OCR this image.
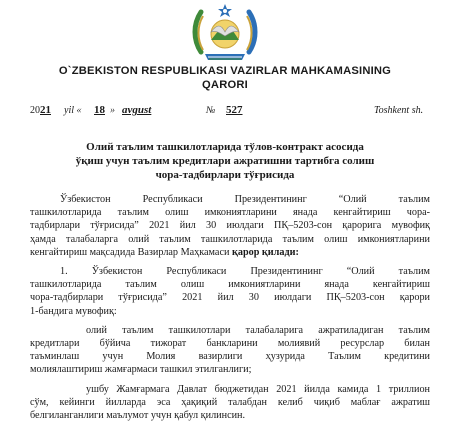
O`ZBEKISTON RESPUBLIKASI VAZIRLAR MAHKAMASINING
QARORI
20 21 yil « 18 » avgust	№ 527	Toshkent sh.
Олий таълим ташкилотларида тўлов-контракт асосида
ўқиш учун таълим кредитлари ажратишни тартибга солиш
чора-тадбирлари тўғрисида
Ўзбекистон Республикаси Президентининг “Олий таълим
ташкилотларида таълим олиш имкониятларини янада кенгайтириш чора-
тадбирлари тўғрисида” 2021 йил 30 июлдаги ПҚ–5203-сон қарорига мувофиқ
ҳамда талабаларга олий таълим ташкилотларида таълим олиш имкониятларини
кенгайтириш мақсадида Вазирлар Маҳкамаси қарор қилади:
1. Ўзбекистон Республикаси Президентининг “Олий таълим
ташкилотларида таълим олиш имкониятларини янада кенгайтириш
чора-тадбирлари тўғрисида” 2021 йил 30 июлдаги ПҚ–5203-сон қарори
1-бандига мувофиқ:
олий таълим ташкилотлари талабаларига ажратиладиган таълим
кредитлари бўйича тижорат банкларини молиявий ресурслар билан
таъминлаш учун Молия вазирлиги ҳузурида Таълим кредитини
молиялаштириш жамғармаси ташкил этилганлиги;
ушбу Жамғармага Давлат бюджетидан 2021 йилда камида 1 триллион
сўм, кейинги йилларда эса ҳақиқий талабдан келиб чиқиб маблағ ажратиш
белгиланганлиги маълумот учун қабул қилинсин.
